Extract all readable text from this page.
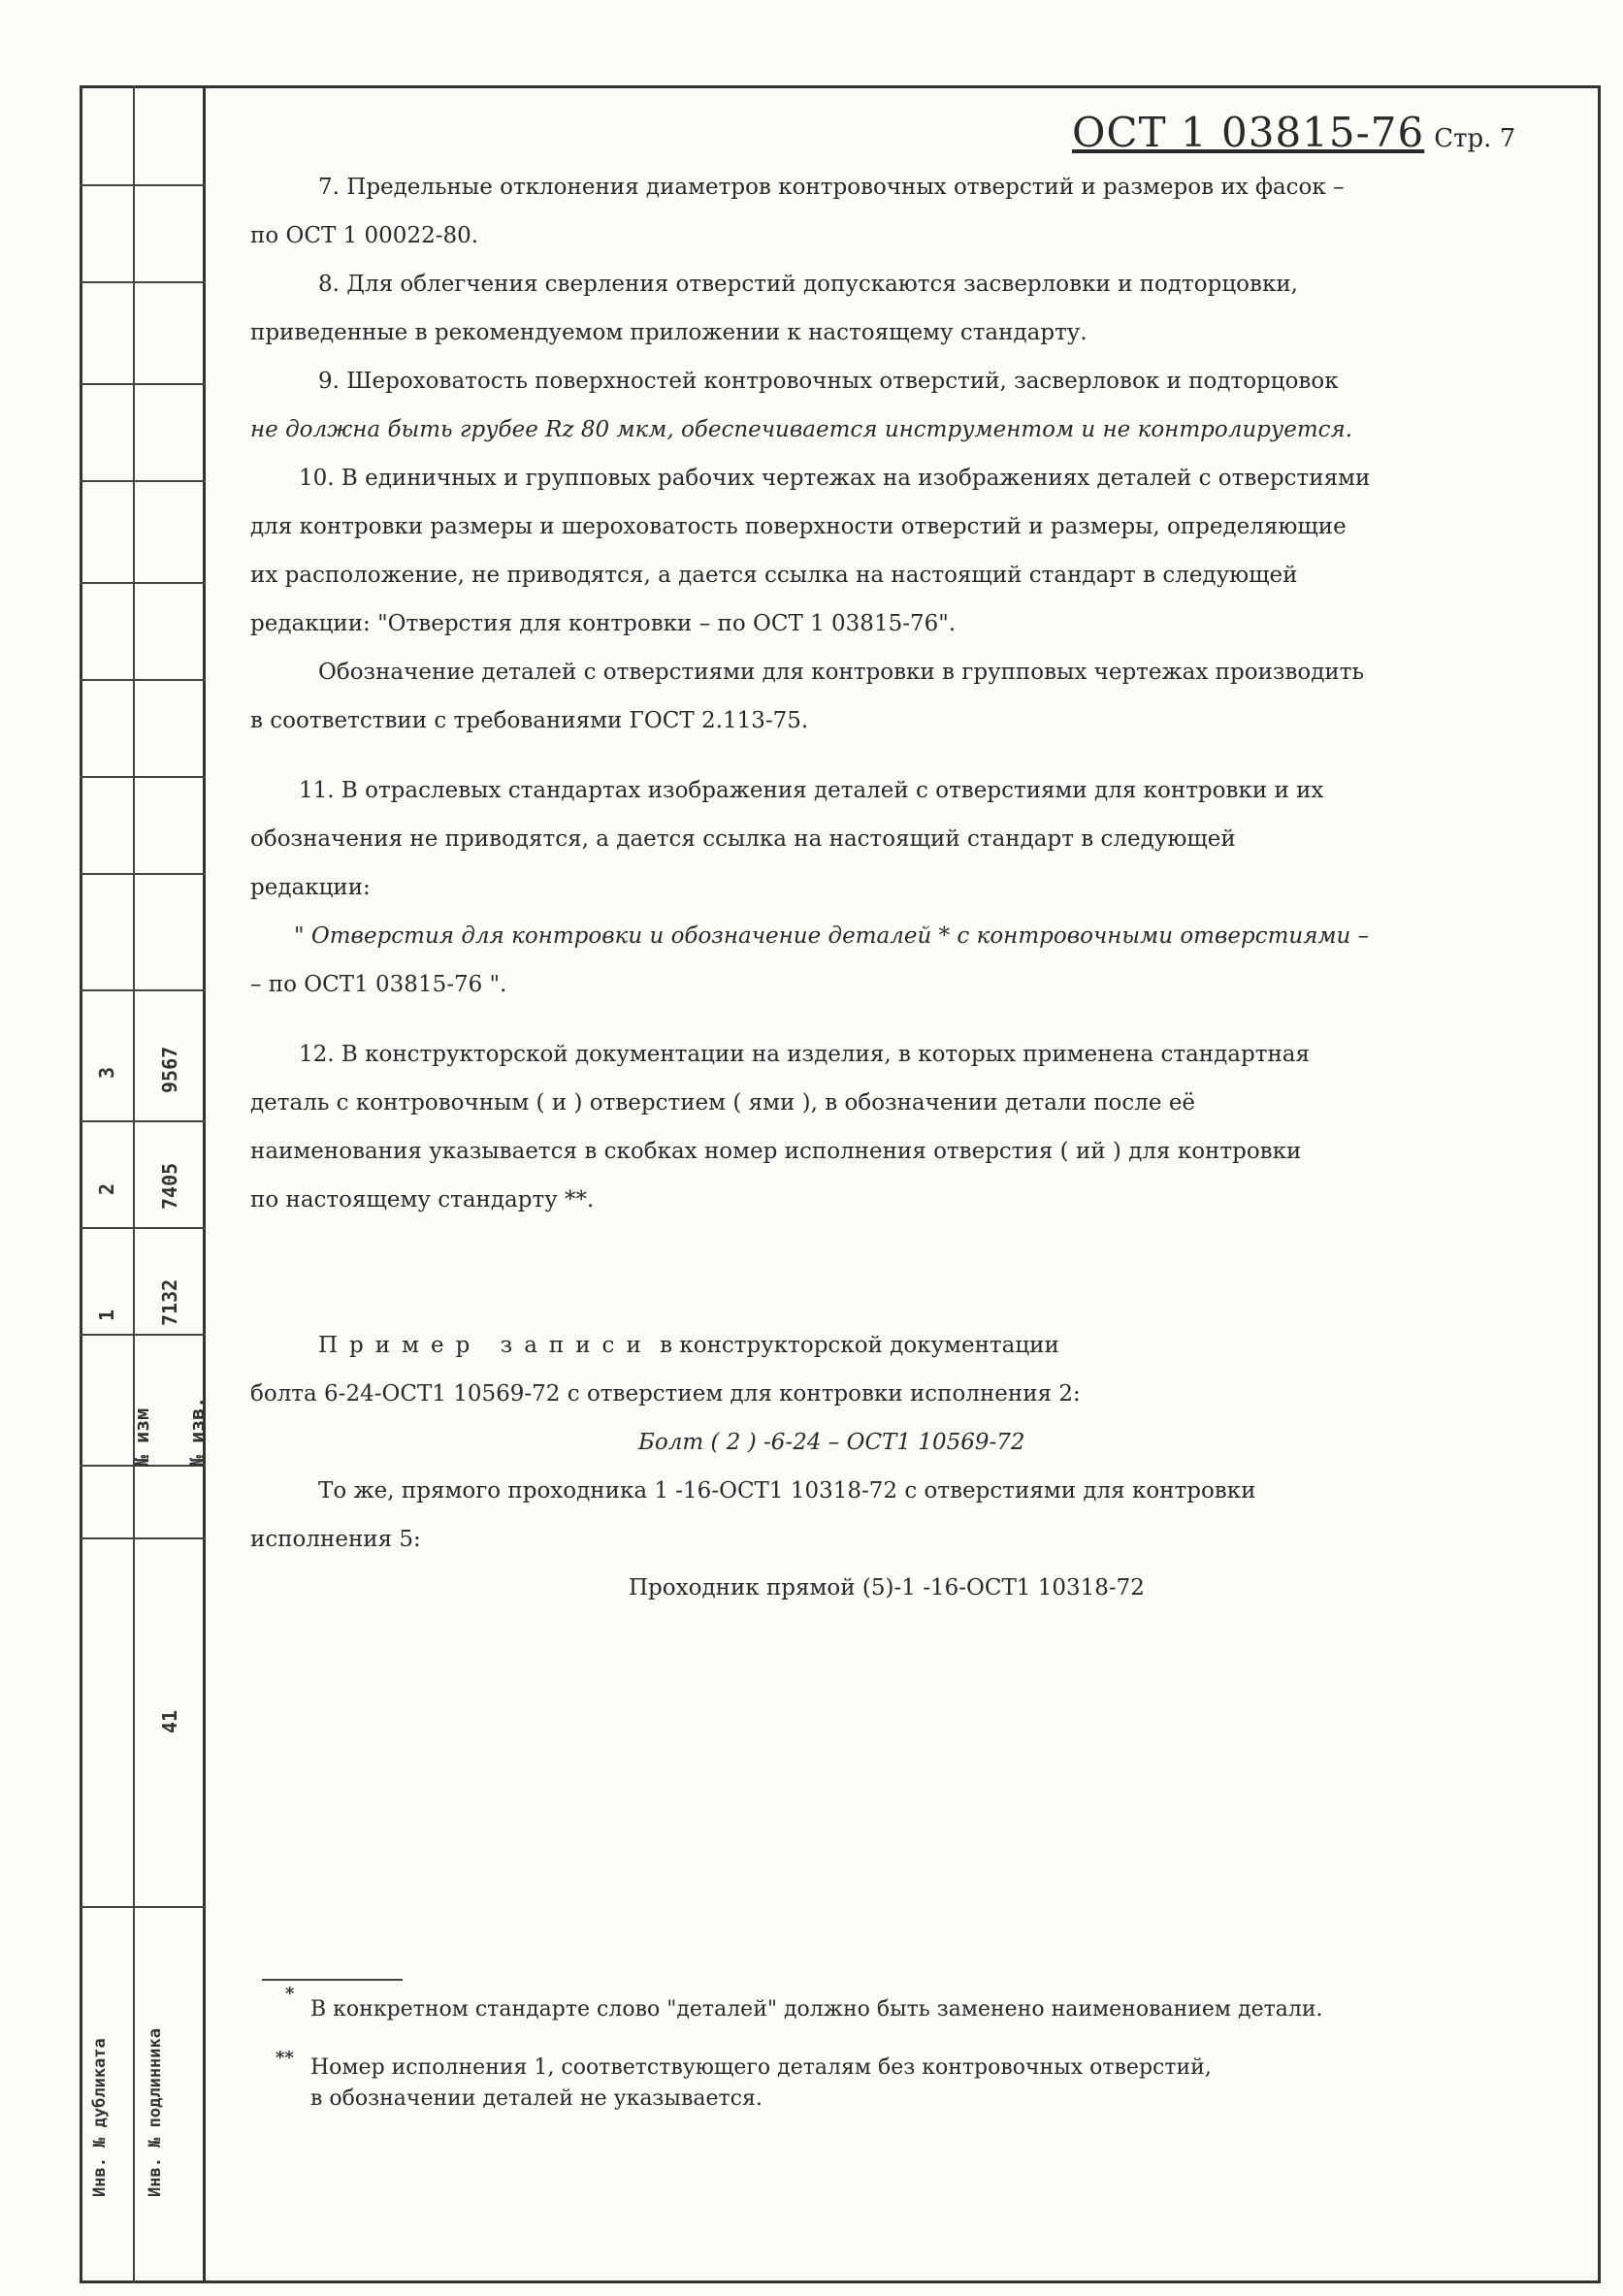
№ изм № изв.
1
2
3
7132
7405
9567
41
Инв. № дубликата Инв. № подлинника
ОСТ 1 03815-76 Стр. 7

7. Предельные отклонения диаметров контровочных отверстий и размеров их фасок –

по ОСТ 1 00022-80.

8. Для облегчения сверления отверстий допускаются засверловки и подторцовки,

приведенные в рекомендуемом приложении к настоящему стандарту.

9. Шероховатость поверхностей контровочных отверстий, засверловок и подторцовок

не должна быть грубее Rz 80 мкм, обеспечивается инструментом и не контролируется.

10. В единичных и групповых рабочих чертежах на изображениях деталей с отверстиями

для контровки размеры и шероховатость поверхности отверстий и размеры, определяющие

их расположение, не приводятся, а дается ссылка на настоящий стандарт в следующей

редакции: "Отверстия для контровки – по ОСТ 1 03815-76".

Обозначение деталей с отверстиями для контровки в групповых чертежах производить

в соответствии с требованиями ГОСТ 2.113-75.

11. В отраслевых стандартах изображения деталей с отверстиями для контровки и их

обозначения не приводятся, а дается ссылка на настоящий стандарт в следующей

редакции:

" Отверстия для контровки и обозначение деталей * с контровочными отверстиями –

– по ОСТ1 03815-76 ".

12. В конструкторской документации на изделия, в которых применена стандартная

деталь с контровочным ( и ) отверстием ( ями ), в обозначении детали после её

наименования указывается в скобках номер исполнения отверстия ( ий ) для контровки

по настоящему стандарту **.

Пример записи в конструкторской документации

болта 6-24-ОСТ1 10569-72 с отверстием для контровки исполнения 2:

Болт ( 2 ) -6-24 – ОСТ1 10569-72

То же, прямого проходника 1 -16-ОСТ1 10318-72 с отверстиями для контровки

исполнения 5:

Проходник прямой (5)-1 -16-ОСТ1 10318-72

*
В конкретном стандарте слово "деталей" должно быть заменено наименованием детали.
** Номер исполнения 1, соответствующего деталям без контровочных отверстий,
в обозначении деталей не указывается.
